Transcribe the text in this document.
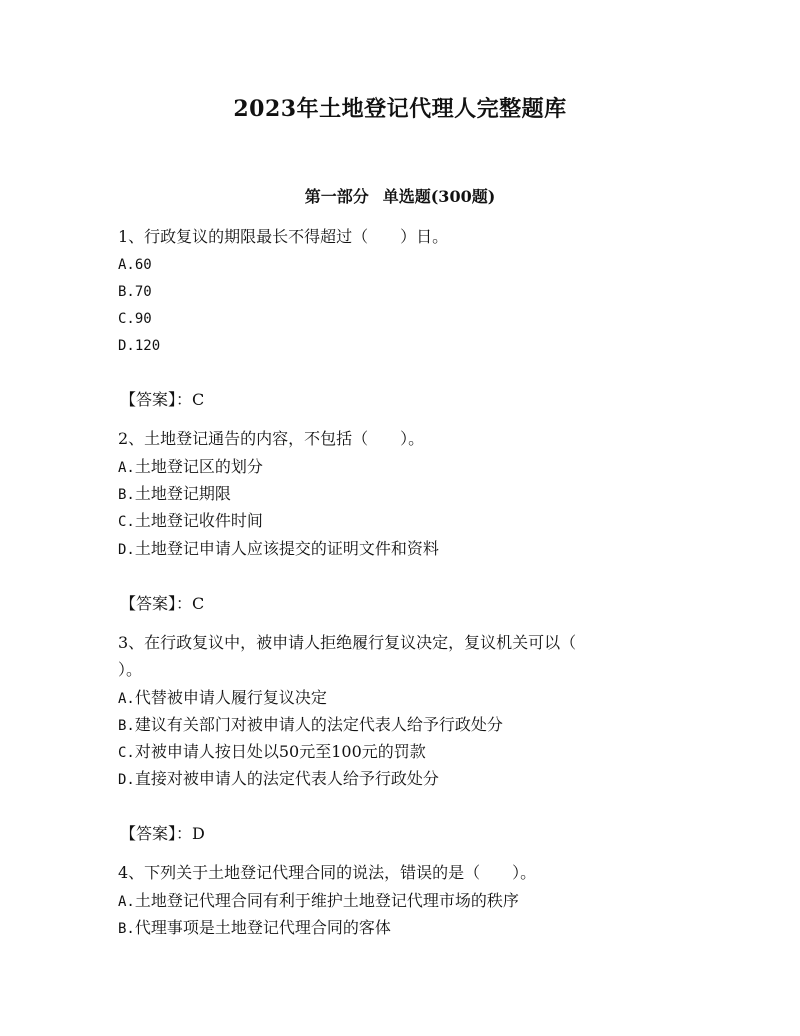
2023年土地登记代理人完整题库
第一部分 单选题(300题)
1、行政复议的期限最长不得超过（　　）日。
A.60
B.70
C.90
D.120
【答案】：C
2、土地登记通告的内容，不包括（　　）。
A.土地登记区的划分
B.土地登记期限
C.土地登记收件时间
D.土地登记申请人应该提交的证明文件和资料
【答案】：C
3、在行政复议中，被申请人拒绝履行复议决定，复议机关可以（
）。
A.代替被申请人履行复议决定
B.建议有关部门对被申请人的法定代表人给予行政处分
C.对被申请人按日处以50元至100元的罚款
D.直接对被申请人的法定代表人给予行政处分
【答案】：D
4、下列关于土地登记代理合同的说法，错误的是（　　）。
A.土地登记代理合同有利于维护土地登记代理市场的秩序
B.代理事项是土地登记代理合同的客体
